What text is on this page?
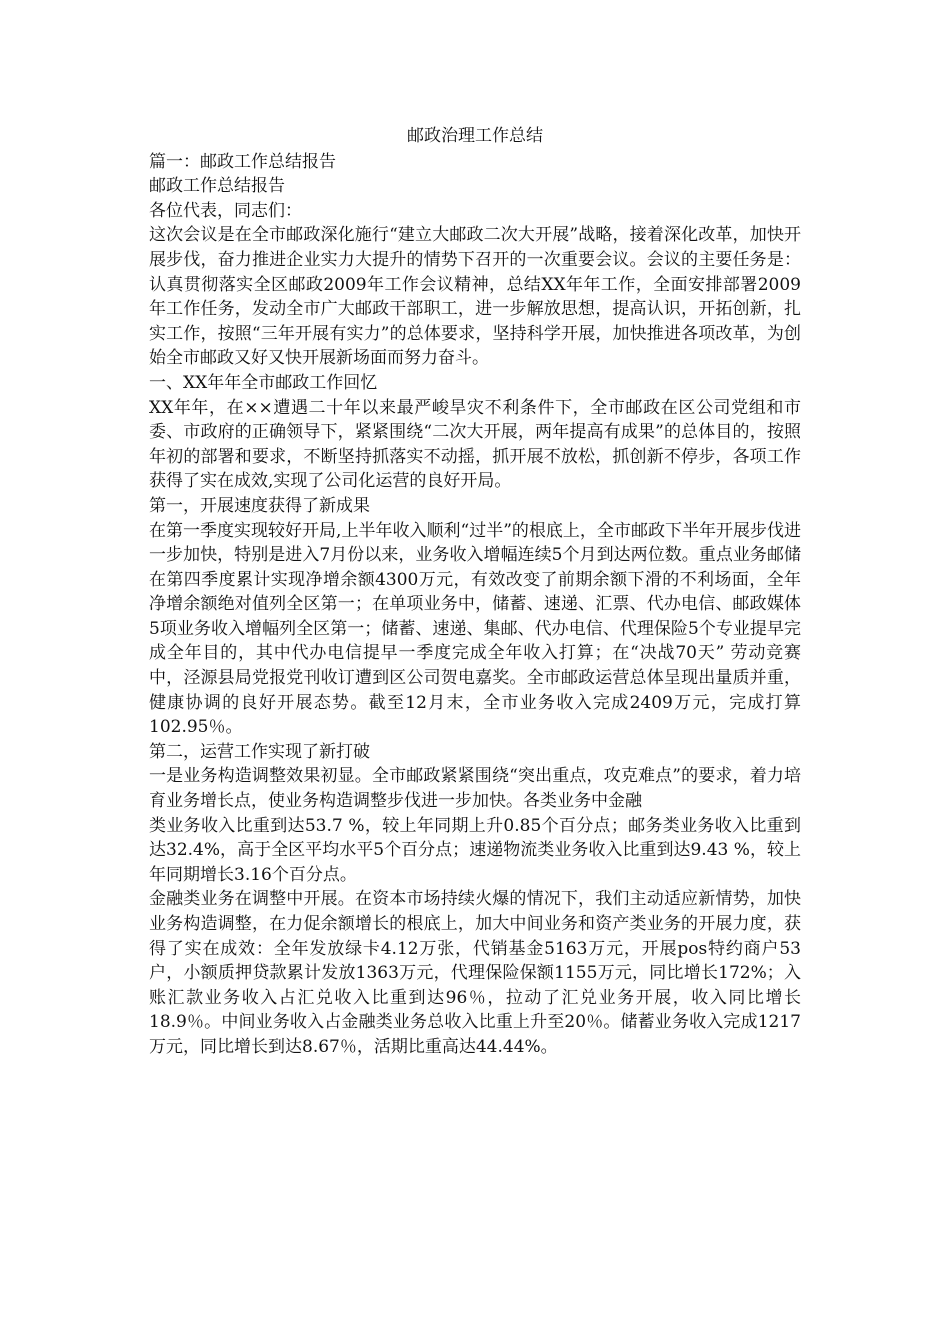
邮政治理工作总结
篇一：邮政工作总结报告
邮政工作总结报告
各位代表，同志们：
这次会议是在全市邮政深化施行“建立大邮政二次大开展”战略，接着深化改革，加快开展步伐，奋力推进企业实力大提升的情势下召开的一次重要会议。会议的主要任务是：认真贯彻落实全区邮政2009年工作会议精神，总结XX年年工作，全面安排部署2009年工作任务，发动全市广大邮政干部职工，进一步解放思想，提高认识，开拓创新，扎实工作，按照“三年开展有实力”的总体要求，坚持科学开展，加快推进各项改革，为创始全市邮政又好又快开展新场面而努力奋斗。
一、XX年年全市邮政工作回忆
XX年年，在××遭遇二十年以来最严峻旱灾不利条件下，全市邮政在区公司党组和市委、市政府的正确领导下，紧紧围绕“二次大开展，两年提高有成果”的总体目的，按照年初的部署和要求，不断坚持抓落实不动摇，抓开展不放松，抓创新不停步，各项工作获得了实在成效,实现了公司化运营的良好开局。
第一，开展速度获得了新成果
在第一季度实现较好开局,上半年收入顺利“过半”的根底上，全市邮政下半年开展步伐进一步加快，特别是进入7月份以来，业务收入增幅连续5个月到达两位数。重点业务邮储在第四季度累计实现净增余额4300万元，有效改变了前期余额下滑的不利场面，全年净增余额绝对值列全区第一；在单项业务中，储蓄、速递、汇票、代办电信、邮政媒体5项业务收入增幅列全区第一；储蓄、速递、集邮、代办电信、代理保险5个专业提早完成全年目的，其中代办电信提早一季度完成全年收入打算；在“决战70天” 劳动竞赛中，泾源县局党报党刊收订遭到区公司贺电嘉奖。全市邮政运营总体呈现出量质并重，健康协调的良好开展态势。截至12月末，全市业务收入完成2409万元，完成打算102.95％。
第二，运营工作实现了新打破
一是业务构造调整效果初显。全市邮政紧紧围绕“突出重点，攻克难点”的要求，着力培育业务增长点，使业务构造调整步伐进一步加快。各类业务中金融
类业务收入比重到达53.7 %，较上年同期上升0.85个百分点；邮务类业务收入比重到达32.4%，高于全区平均水平5个百分点；速递物流类业务收入比重到达9.43 %，较上年同期增长3.16个百分点。
金融类业务在调整中开展。在资本市场持续火爆的情况下，我们主动适应新情势，加快业务构造调整，在力促余额增长的根底上，加大中间业务和资产类业务的开展力度，获得了实在成效：全年发放绿卡4.12万张，代销基金5163万元，开展pos特约商户53户，小额质押贷款累计发放1363万元，代理保险保额1155万元，同比增长172%；入账汇款业务收入占汇兑收入比重到达96％，拉动了汇兑业务开展，收入同比增长18.9％。中间业务收入占金融类业务总收入比重上升至20％。储蓄业务收入完成1217万元，同比增长到达8.67％，活期比重高达44.44%。
